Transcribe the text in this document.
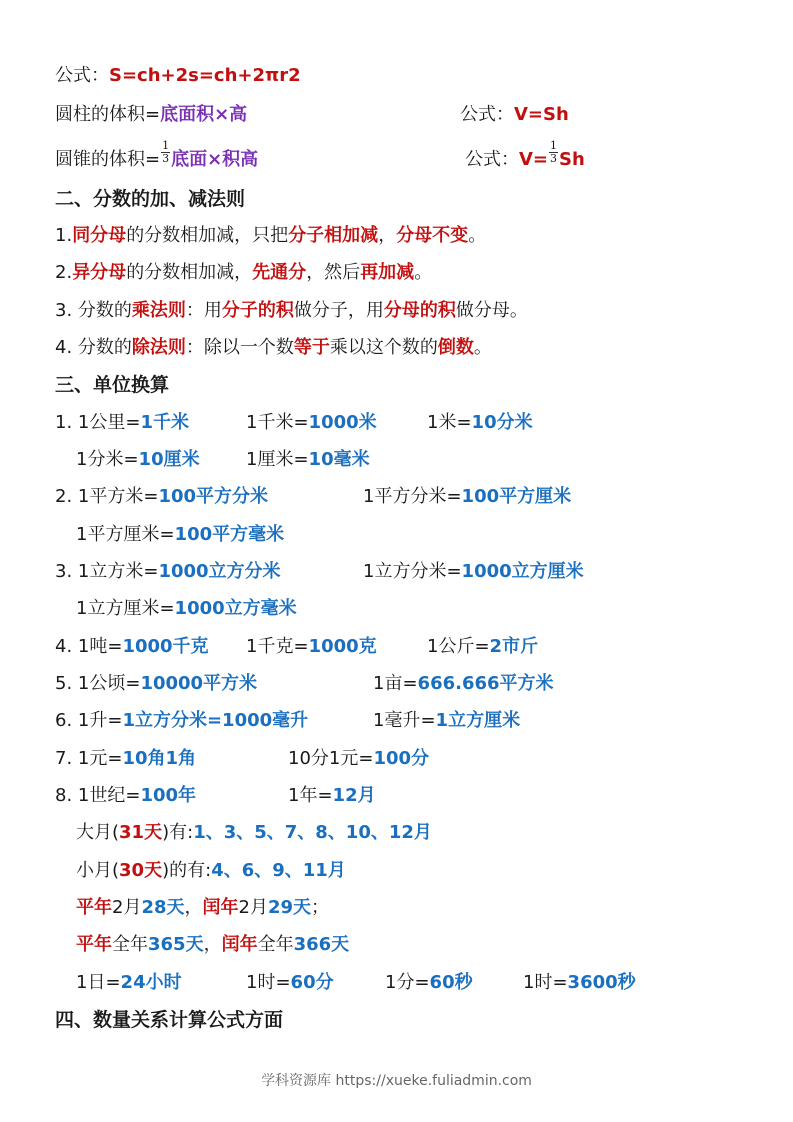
公式：S=ch+2s=ch+2πr2
圆柱的体积=底面积×高	公式：V=Sh
圆锥的体积= $\frac{1}{3}$ 底面×积高	公式：$V= \frac{1}{3}$ Sh
二、分数的加、减法则
1.同分母的分数相加减，只把分子相加减，分母不变。
2.异分母的分数相加减，先通分，然后再加减。
3. 分数的乘法则：用分子的积做分子，用分母的积做分母。
4. 分数的除法则：除以一个数等于乘以这个数的倒数。
三、单位换算
1. 1公里=1千米	1千米=1000米	1米=10分米
1分米=10厘米	1厘米=10毫米
2. 1平方米=100平方分米	1平方分米=100平方厘米
1平方厘米=100平方毫米
3. 1立方米=1000立方分米	1立方分米=1000立方厘米
1立方厘米=1000立方毫米
4. 1吨=1000千克 1千克=1000克	1公斤=2市斤
5. 1公顷=10000平方米	1亩=666.666平方米
6. 1升=1立方分米=1000毫升	1毫升=1立方厘米
7. 1元=10角1角	10分1元=100分
8. 1世纪=100年	1年=12月
大月(31天)有:1、3、5、7、8、10、12月
小月(30天)的有:4、6、9、11月
平年2月28天，闰年2月29天；
平年全年365天，闰年全年366天
1日=24小时	1时=60分	1分=60秒	1时=3600秒
四、数量关系计算公式方面
学科资源库 https://xueke.fuliadmin.com
